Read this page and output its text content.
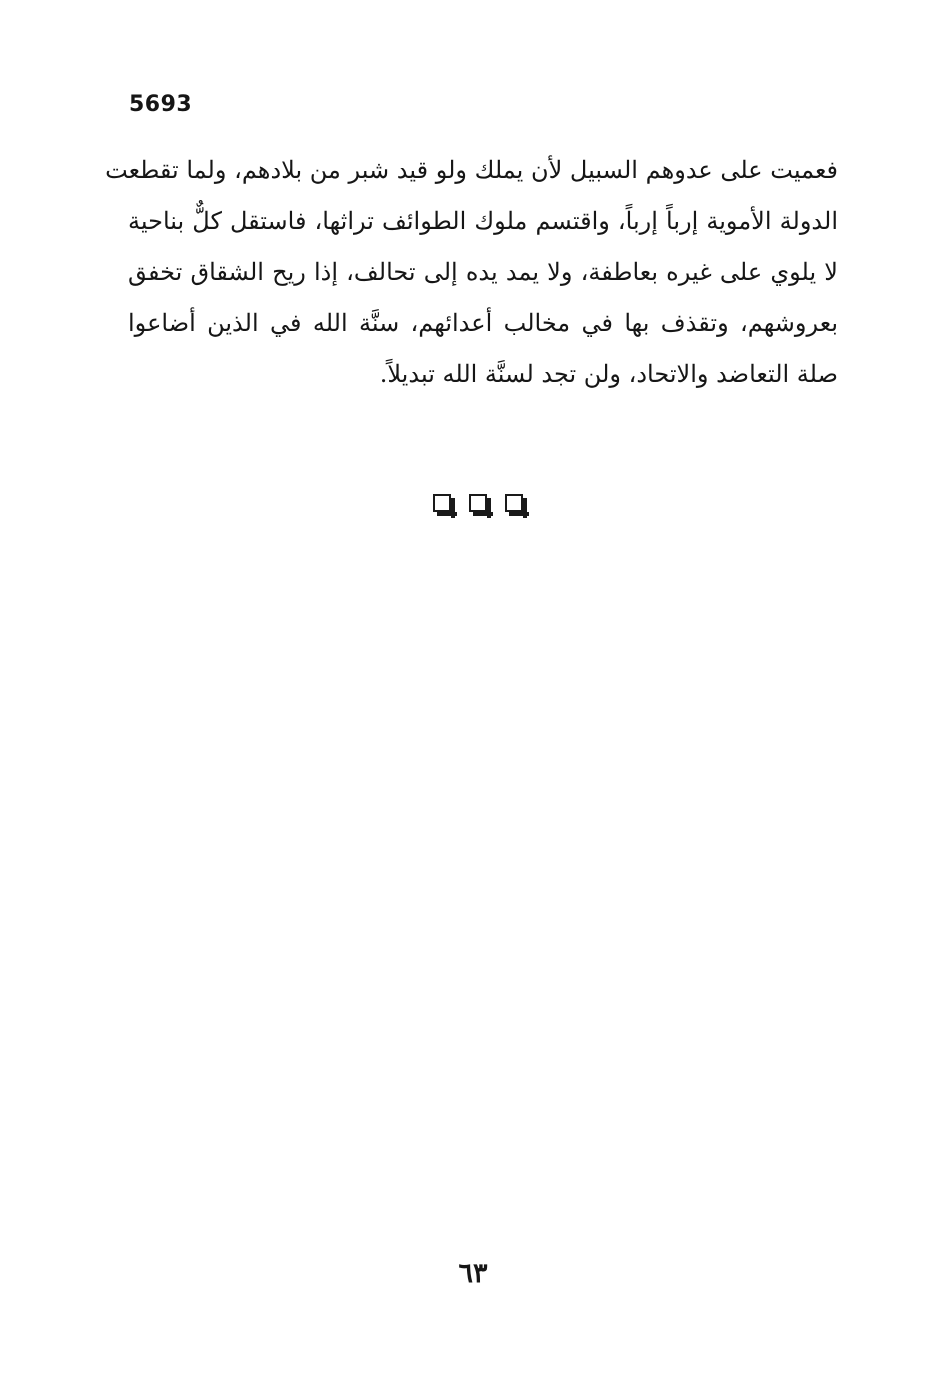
5693
فعميت على عدوهم السبيل لأن يملك ولو قيد شبر من بلادهم، ولما تقطعت
الدولة الأموية إرباً إرباً، واقتسم ملوك الطوائف تراثها، فاستقل كلٌّ بناحية
لا يلوي على غيره بعاطفة، ولا يمد يده إلى تحالف، إذا ريح الشقاق تخفق
بعروشهم، وتقذف بها في مخالب أعدائهم، سنَّة الله في الذين أضاعوا
صلة التعاضد والاتحاد، ولن تجد لسنَّة الله تبديلاً.
٦٣
